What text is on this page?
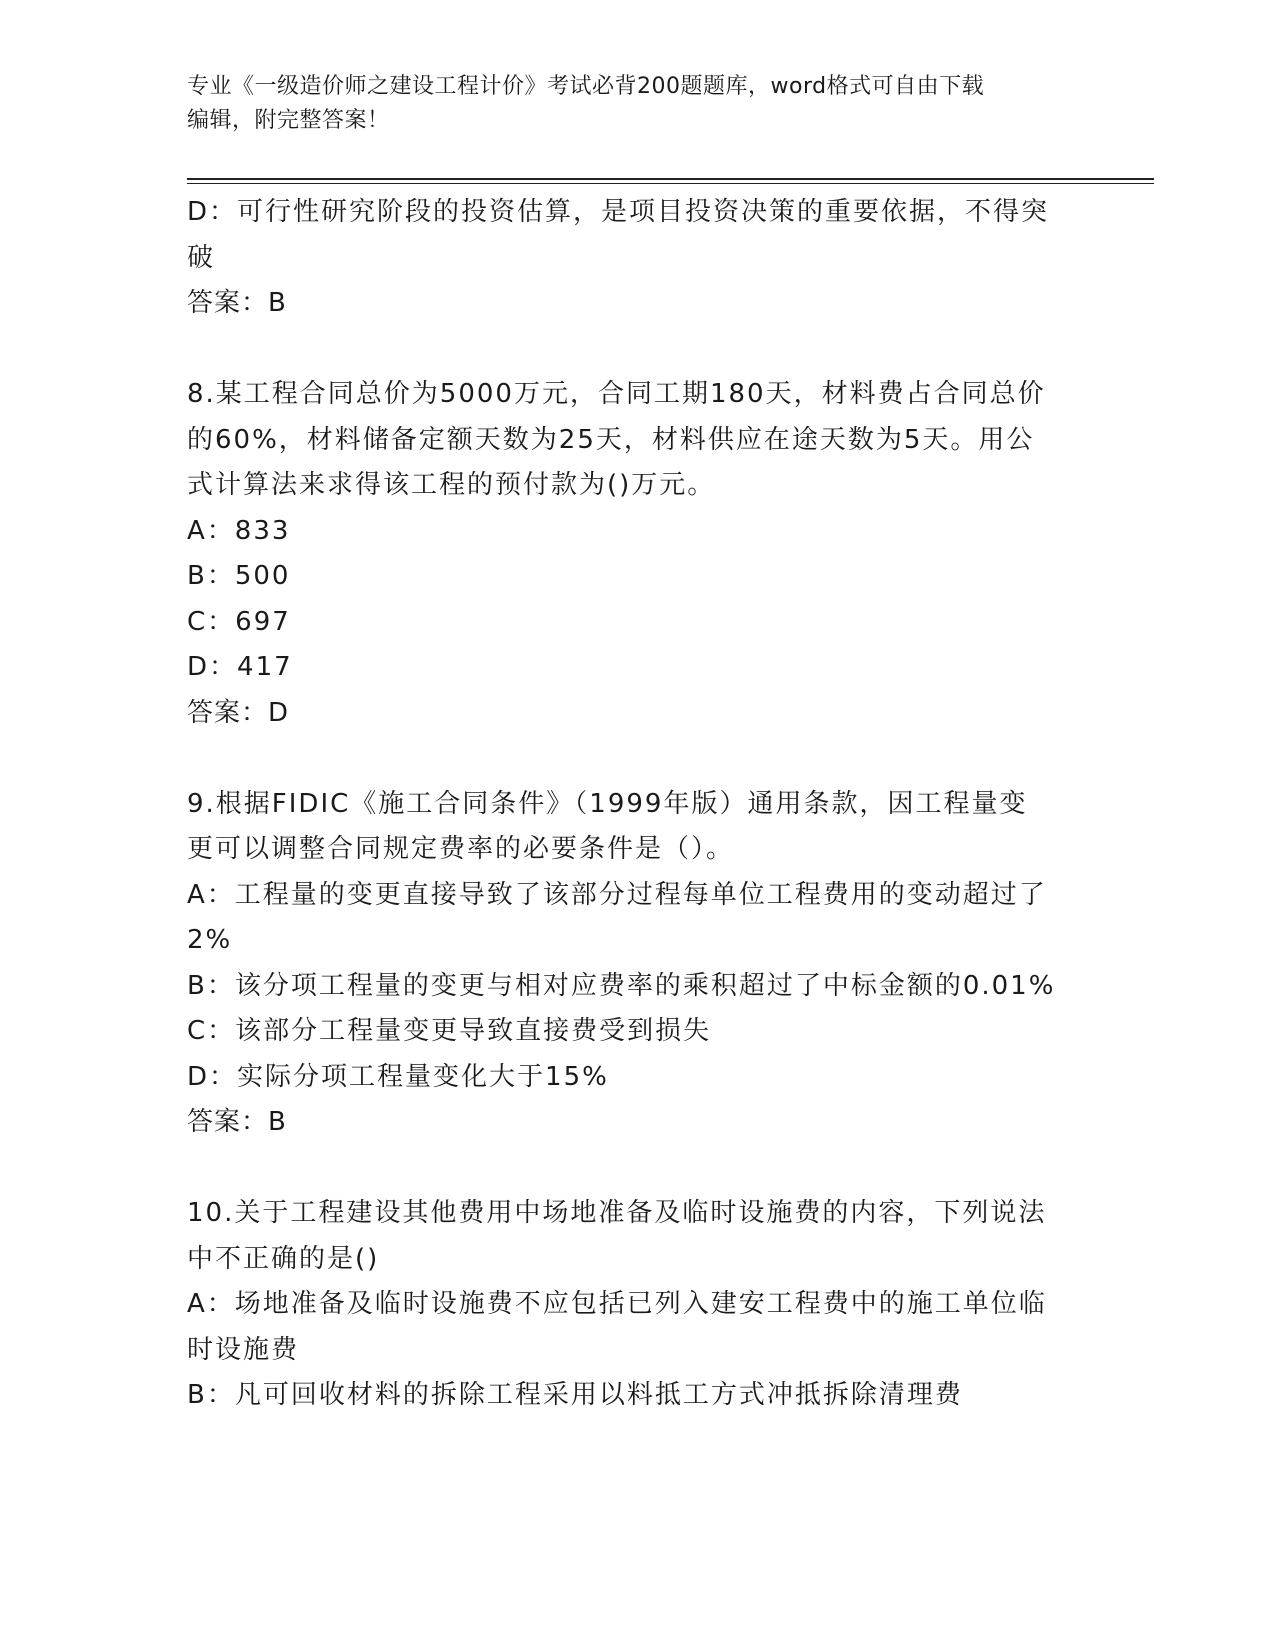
专业《一级造价师之建设工程计价》考试必背200题题库，word格式可自由下载
编辑，附完整答案！
D：可行性研究阶段的投资估算，是项目投资决策的重要依据，不得突
破
答案：B
8.某工程合同总价为5000万元，合同工期180天，材料费占合同总价
的60%，材料储备定额天数为25天，材料供应在途天数为5天。用公
式计算法来求得该工程的预付款为()万元。
A：833
B：500
C：697
D：417
答案：D
9.根据FIDIC《施工合同条件》（1999年版）通用条款，因工程量变
更可以调整合同规定费率的必要条件是（）。
A：工程量的变更直接导致了该部分过程每单位工程费用的变动超过了
2%
B：该分项工程量的变更与相对应费率的乘积超过了中标金额的0.01%
C：该部分工程量变更导致直接费受到损失
D：实际分项工程量变化大于15%
答案：B
10.关于工程建设其他费用中场地准备及临时设施费的内容，下列说法
中不正确的是()
A：场地准备及临时设施费不应包括已列入建安工程费中的施工单位临
时设施费
B：凡可回收材料的拆除工程采用以料抵工方式冲抵拆除清理费
